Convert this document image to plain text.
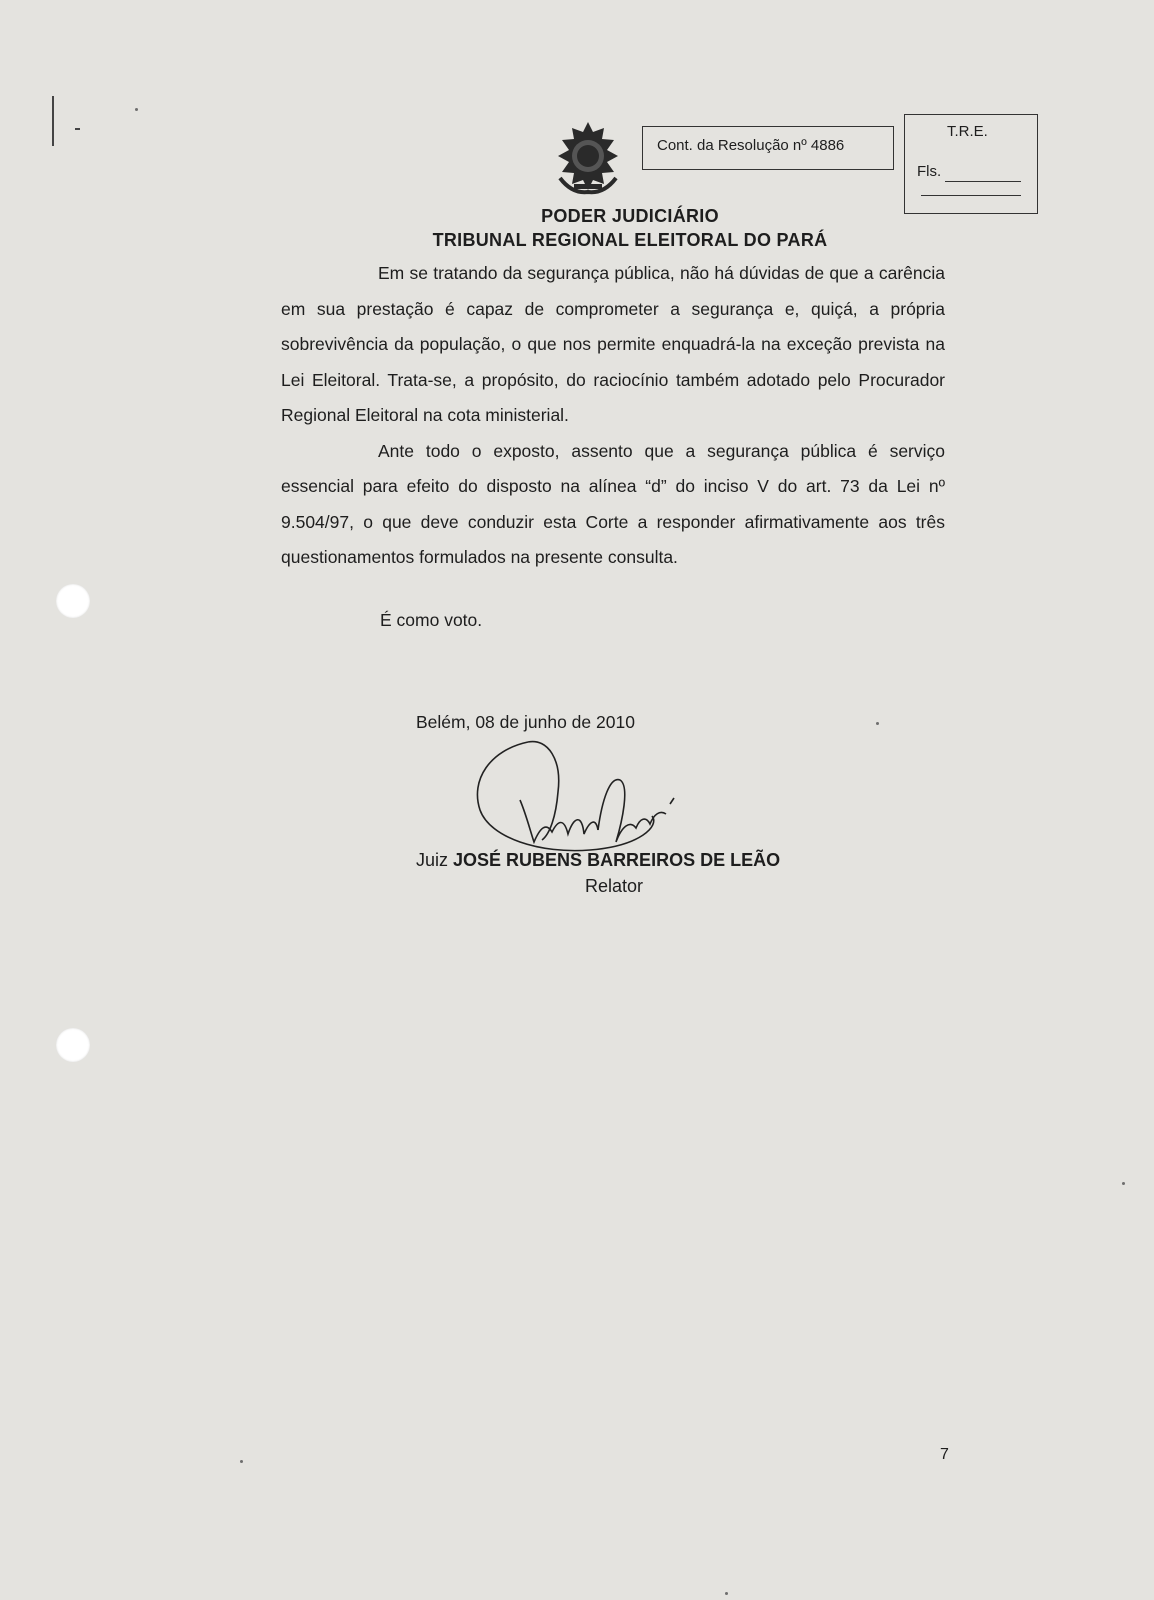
Cont. da Resolução nº 4886
T.R.E.
Fls.
PODER JUDICIÁRIO
TRIBUNAL REGIONAL ELEITORAL DO PARÁ

Em se tratando da segurança pública, não há dúvidas de que a carência em sua prestação é capaz de comprometer a segurança e, quiçá, a própria sobrevivência da população, o que nos permite enquadrá-la na exceção prevista na Lei Eleitoral. Trata-se, a propósito, do raciocínio também adotado pelo Procurador Regional Eleitoral na cota ministerial.

Ante todo o exposto, assento que a segurança pública é serviço essencial para efeito do disposto na alínea “d” do inciso V do art. 73 da Lei nº 9.504/97, o que deve conduzir esta Corte a responder afirmativamente aos três questionamentos formulados na presente consulta.

É como voto.
Belém, 08 de junho de 2010
Juiz JOSÉ RUBENS BARREIROS DE LEÃO
Relator
7
